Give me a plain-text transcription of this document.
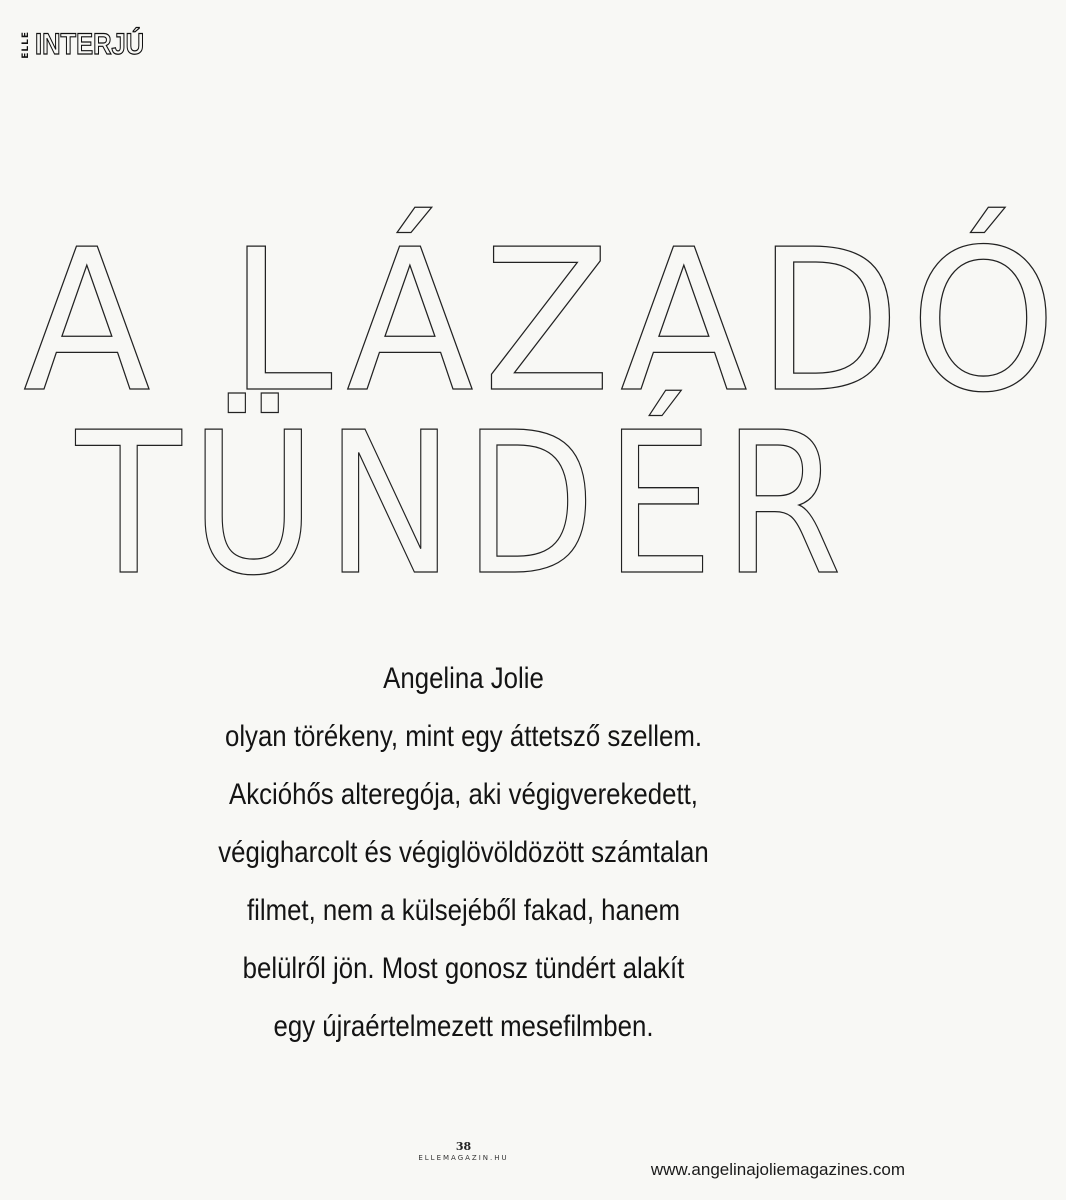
ELLE INTERJÚ
A LÁZADÓ
TÜNDÉR
Angelina Jolie
olyan törékeny, mint egy áttetsző szellem.
Akcióhős alteregója, aki végigverekedett,
végigharcolt és végiglövöldözött számtalan
filmet, nem a külsejéből fakad, hanem
belülről jön. Most gonosz tündért alakít
egy újraértelmezett mesefilmben.
38
ELLEMAGAZIN.HU
www.angelinajoliemagazines.com
